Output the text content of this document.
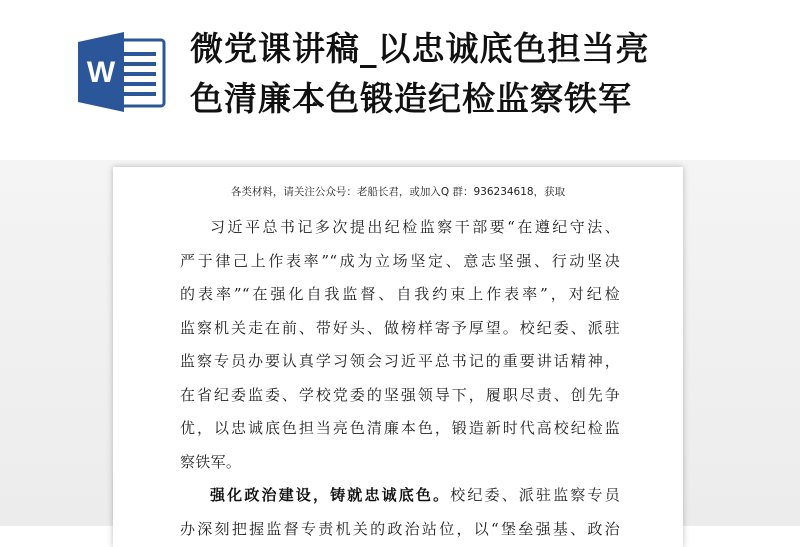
W
微党课讲稿_以忠诚底色担当亮
色清廉本色锻造纪检监察铁军
各类材料，请关注公众号：老船长君，或加入Q 群：936234618，获取
习近平总书记多次提出纪检监察干部要“在遵纪守法、
严于律己上作表率”“成为立场坚定、意志坚强、行动坚决
的表率”“在强化自我监督、自我约束上作表率”，对纪检
监察机关走在前、带好头、做榜样寄予厚望。校纪委、派驻
监察专员办要认真学习领会习近平总书记的重要讲话精神，
在省纪委监委、学校党委的坚强领导下，履职尽责、创先争
优，以忠诚底色担当亮色清廉本色，锻造新时代高校纪检监
察铁军。
强化政治建设，铸就忠诚底色。校纪委、派驻监察专员
办深刻把握监督专责机关的政治站位，以“堡垒强基、政治
